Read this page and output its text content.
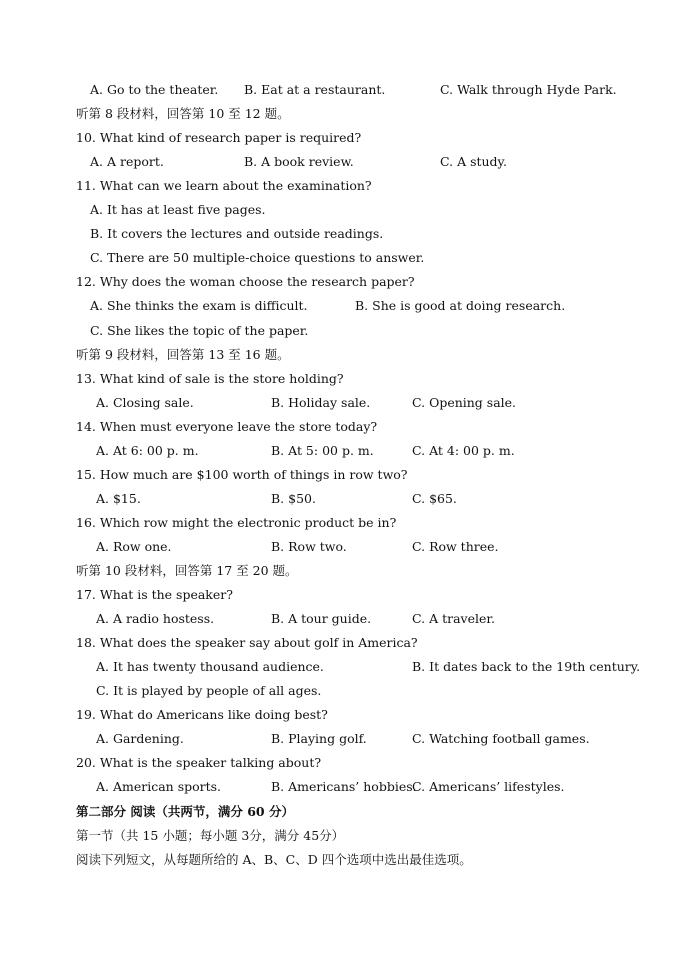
A. Go to the theater. B. Eat at a restaurant.	C. Walk through Hyde Park.
听第 8 段材料，回答第 10 至 12 题。
10. What kind of research paper is required?
A. A report.	B. A book review.	C. A study.
11. What can we learn about the examination?
A. It has at least five pages.
B. It covers the lectures and outside readings.
C. There are 50 multiple-choice questions to answer.
12. Why does the woman choose the research paper?
A. She thinks the exam is difficult.	B. She is good at doing research.
C. She likes the topic of the paper.
听第 9 段材料，回答第 13 至 16 题。
13. What kind of sale is the store holding?
A. Closing sale.	B. Holiday sale.	C. Opening sale.
14. When must everyone leave the store today?
A. At 6: 00 p. m.	B. At 5: 00 p. m.	C. At 4: 00 p. m.
15. How much are $100 worth of things in row two?
A. $15.	B. $50.	C. $65.
16. Which row might the electronic product be in?
A. Row one.	B. Row two.	C. Row three.
听第 10 段材料，回答第 17 至 20 题。
17. What is the speaker?
A. A radio hostess.	B. A tour guide.	C. A traveler.
18. What does the speaker say about golf in America?
A. It has twenty thousand audience.	B. It dates back to the 19th century.
C. It is played by people of all ages.
19. What do Americans like doing best?
A. Gardening.	B. Playing golf.	C. Watching football games.
20. What is the speaker talking about?
A. American sports.	B. Americans’ hobbies.
C. Americans’ lifestyles.
第二部分 阅读（共两节，满分 60 分）
第一节（共 15 小题；每小题 3分，满分 45分）
阅读下列短文，从每题所给的 A、B、C、D 四个选项中选出最佳选项。
